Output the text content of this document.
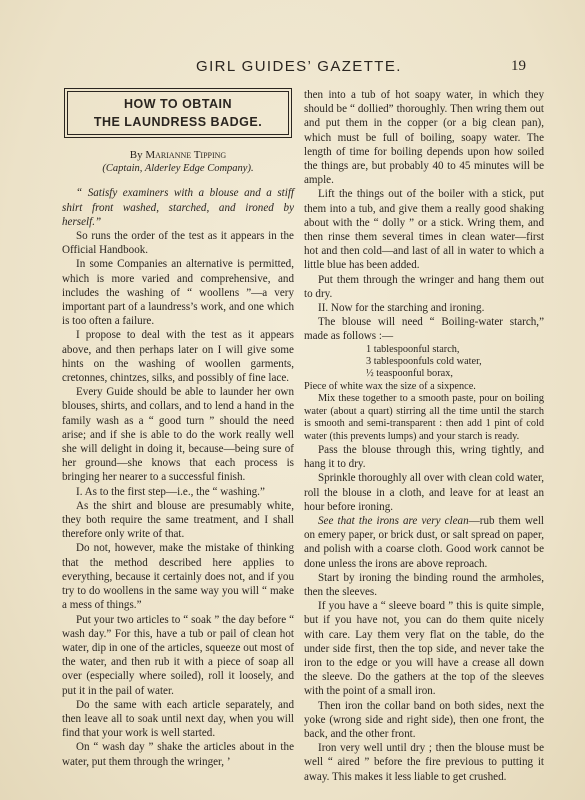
GIRL GUIDES’ GAZETTE.	19
HOW TO OBTAIN
THE LAUNDRESS BADGE.
By Marianne Tipping
(Captain, Alderley Edge Company).

“ Satisfy examiners with a blouse and a stiff shirt front washed, starched, and ironed by herself.”

So runs the order of the test as it appears in the Official Handbook.

In some Companies an alternative is permitted, which is more varied and comprehensive, and includes the washing of “ woollens ”—a very important part of a laundress’s work, and one which is too often a failure.

I propose to deal with the test as it appears above, and then perhaps later on I will give some hints on the washing of woollen garments, cretonnes, chintzes, silks, and possibly of fine lace.

Every Guide should be able to launder her own blouses, shirts, and collars, and to lend a hand in the family wash as a “ good turn ” should the need arise; and if she is able to do the work really well she will delight in doing it, because—being sure of her ground—she knows that each process is bringing her nearer to a successful finish.

I. As to the first step—i.e., the “ washing.”

As the shirt and blouse are presumably white, they both require the same treatment, and I shall therefore only write of that.

Do not, however, make the mistake of thinking that the method described here applies to everything, because it certainly does not, and if you try to do woollens in the same way you will “ make a mess of things.”

Put your two articles to “ soak ” the day before “ wash day.” For this, have a tub or pail of clean hot water, dip in one of the articles, squeeze out most of the water, and then rub it with a piece of soap all over (especially where soiled), roll it loosely, and put it in the pail of water.

Do the same with each article separately, and then leave all to soak until next day, when you will find that your work is well started.

On “ wash day ” shake the articles about in the water, put them through the wringer, ’

then into a tub of hot soapy water, in which they should be “ dollied” thoroughly. Then wring them out and put them in the copper (or a big clean pan), which must be full of boiling, soapy water. The length of time for boiling depends upon how soiled the things are, but probably 40 to 45 minutes will be ample.

Lift the things out of the boiler with a stick, put them into a tub, and give them a really good shaking about with the “ dolly ” or a stick. Wring them, and then rinse them several times in clean water—first hot and then cold—and last of all in water to which a little blue has been added.

Put them through the wringer and hang them out to dry.

II. Now for the starching and ironing.

The blouse will need “ Boiling-water starch,” made as follows :—

1 tablespoonful starch,
3 tablespoonfuls cold water,
½ teaspoonful borax,
Piece of white wax the size of a sixpence.

Mix these together to a smooth paste, pour on boiling water (about a quart) stirring all the time until the starch is smooth and semi-transparent : then add 1 pint of cold water (this prevents lumps) and your starch is ready.

Pass the blouse through this, wring tightly, and hang it to dry.

Sprinkle thoroughly all over with clean cold water, roll the blouse in a cloth, and leave for at least an hour before ironing.

See that the irons are very clean—rub them well on emery paper, or brick dust, or salt spread on paper, and polish with a coarse cloth. Good work cannot be done unless the irons are above reproach.

Start by ironing the binding round the armholes, then the sleeves.

If you have a “ sleeve board ” this is quite simple, but if you have not, you can do them quite nicely with care. Lay them very flat on the table, do the under side first, then the top side, and never take the iron to the edge or you will have a crease all down the sleeve. Do the gathers at the top of the sleeves with the point of a small iron.

Then iron the collar band on both sides, next the yoke (wrong side and right side), then one front, the back, and the other front.

Iron very well until dry ; then the blouse must be well “ aired ” before the fire previous to putting it away. This makes it less liable to get crushed.
